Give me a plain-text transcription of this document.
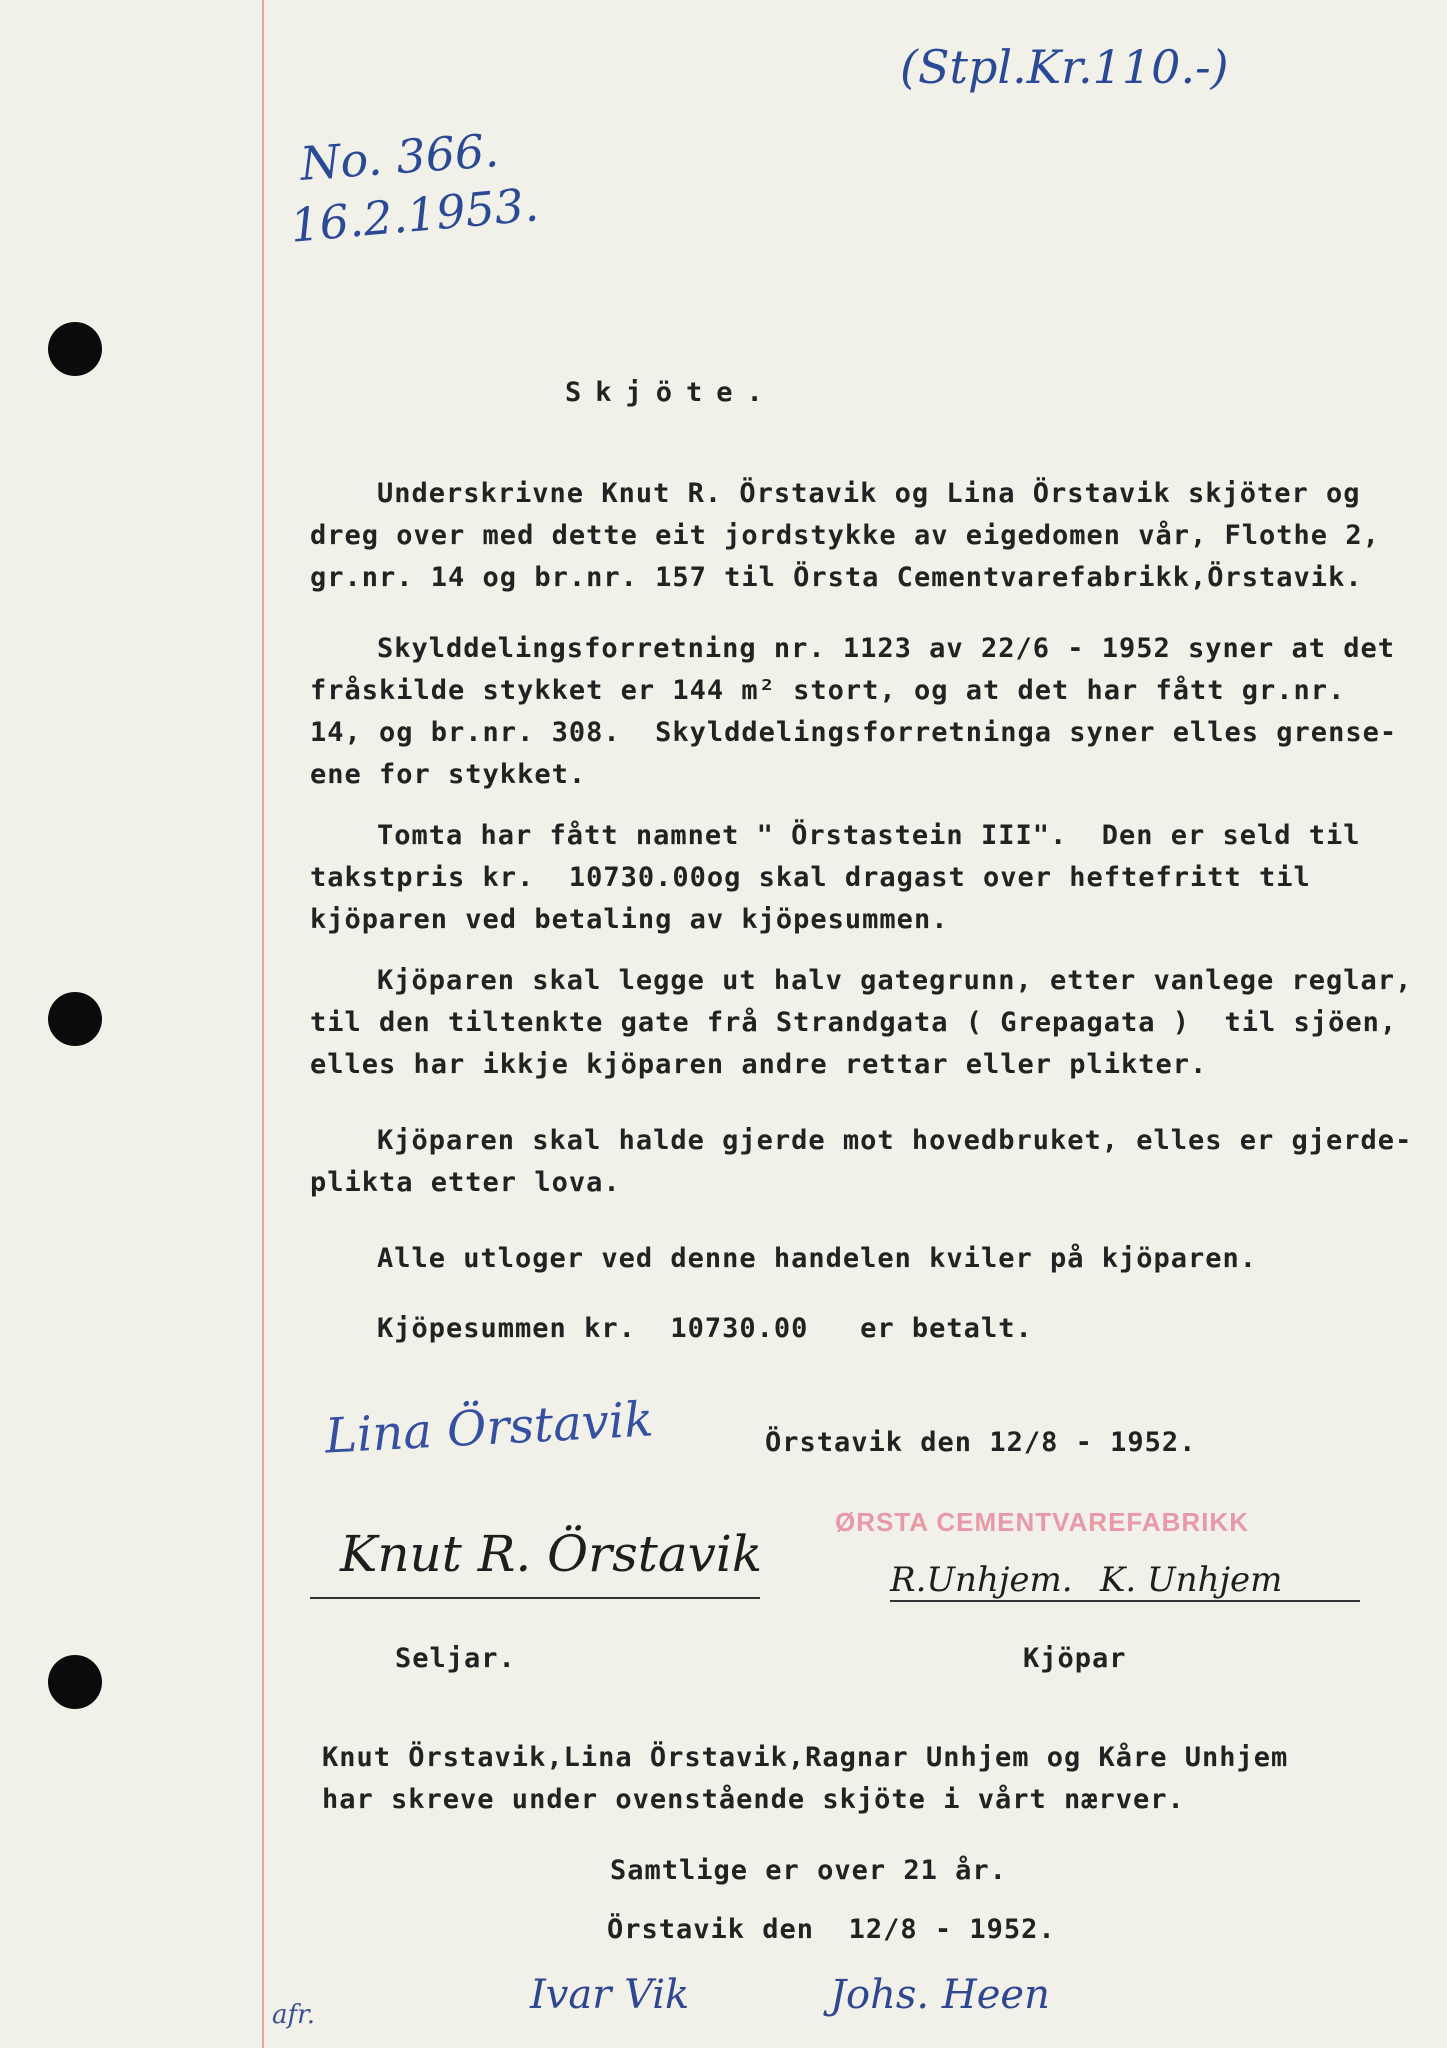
(Stpl.Kr.110.-)
No. 366.
16.2.1953.
Skjöte.
Underskrivne Knut R. Örstavik og Lina Örstavik skjöter og
dreg over med dette eit jordstykke av eigedomen vår, Flothe 2,
gr.nr. 14 og br.nr. 157 til Örsta Cementvarefabrikk,Örstavik.
Skylddelingsforretning nr. 1123 av 22/6 - 1952 syner at det
fråskilde stykket er 144 m² stort, og at det har fått gr.nr.
14, og br.nr. 308.  Skylddelingsforretninga syner elles grense-
ene for stykket.
Tomta har fått namnet " Örstastein III".  Den er seld til
takstpris kr.  10730.00og skal dragast over heftefritt til
kjöparen ved betaling av kjöpesummen.
Kjöparen skal legge ut halv gategrunn, etter vanlege reglar,
til den tiltenkte gate frå Strandgata ( Grepagata )  til sjöen,
elles har ikkje kjöparen andre rettar eller plikter.
Kjöparen skal halde gjerde mot hovedbruket, elles er gjerde-
plikta etter lova.
Alle utloger ved denne handelen kviler på kjöparen.
Kjöpesummen kr.  10730.00   er betalt.
Lina Örstavik	Örstavik den 12/8 - 1952.
ØRSTA CEMENTVAREFABRIKK
Knut R. Örstavik	R.Unhjem. K. Unhjem
Seljar.	Kjöpar
Knut Örstavik,Lina Örstavik,Ragnar Unhjem og Kåre Unhjem
har skreve under ovenstående skjöte i vårt nærver.
Samtlige er over 21 år.
Örstavik den  12/8 - 1952.
afr.	Ivar Vik	Johs. Heen
